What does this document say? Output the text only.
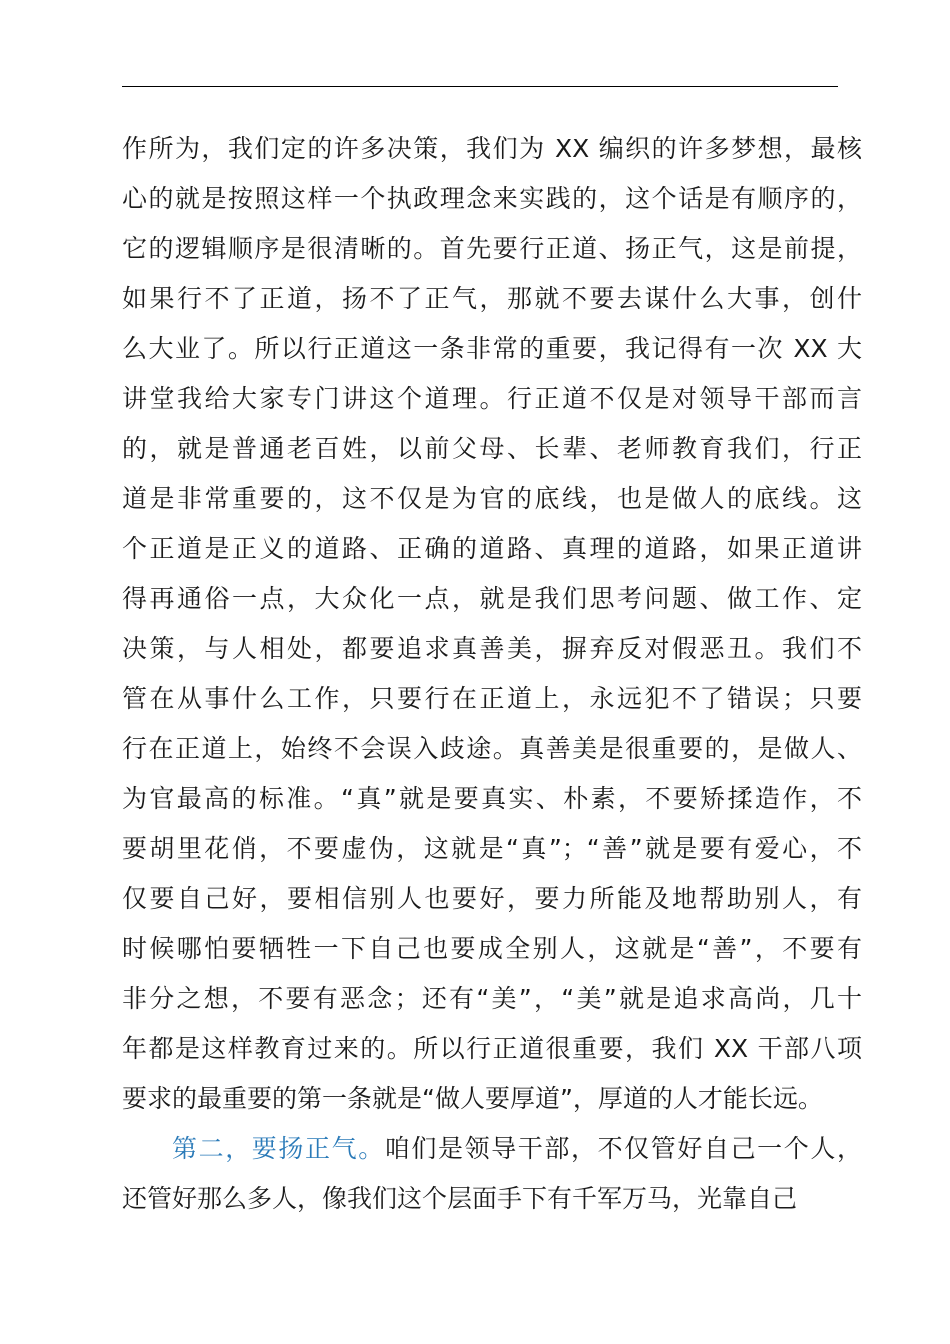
作所为，我们定的许多决策，我们为 XX 编织的许多梦想，最核
心的就是按照这样一个执政理念来实践的，这个话是有顺序的，
它的逻辑顺序是很清晰的。首先要行正道、扬正气，这是前提，
如果行不了正道，扬不了正气，那就不要去谋什么大事，创什
么大业了。所以行正道这一条非常的重要，我记得有一次 XX 大
讲堂我给大家专门讲这个道理。行正道不仅是对领导干部而言
的，就是普通老百姓，以前父母、长辈、老师教育我们，行正
道是非常重要的，这不仅是为官的底线，也是做人的底线。这
个正道是正义的道路、正确的道路、真理的道路，如果正道讲
得再通俗一点，大众化一点，就是我们思考问题、做工作、定
决策，与人相处，都要追求真善美，摒弃反对假恶丑。我们不
管在从事什么工作，只要行在正道上，永远犯不了错误；只要
行在正道上，始终不会误入歧途。真善美是很重要的，是做人、
为官最高的标准。“真”就是要真实、朴素，不要矫揉造作，不
要胡里花俏，不要虚伪，这就是“真”；“善”就是要有爱心，不
仅要自己好，要相信别人也要好，要力所能及地帮助别人，有
时候哪怕要牺牲一下自己也要成全别人，这就是“善”，不要有
非分之想，不要有恶念；还有“美”，“美”就是追求高尚，几十
年都是这样教育过来的。所以行正道很重要，我们 XX 干部八项
要求的最重要的第一条就是“做人要厚道”，厚道的人才能长远。
第二，要扬正气。咱们是领导干部，不仅管好自己一个人，
还管好那么多人，像我们这个层面手下有千军万马，光靠自己
